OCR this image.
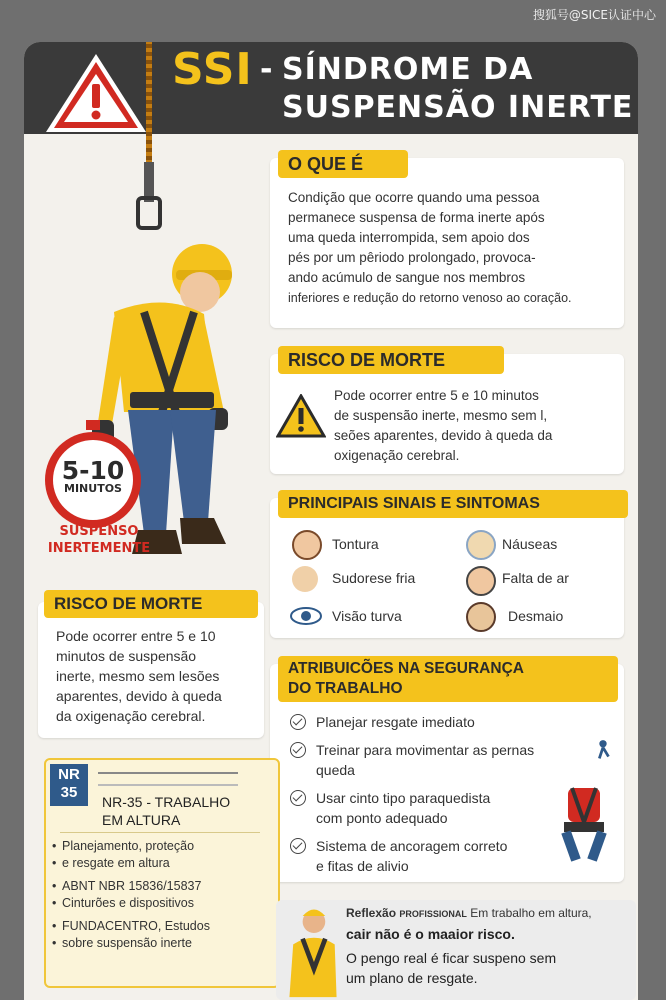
搜狐号@SICE认证中心
SSI - SÍNDROME DA
SUSPENSÃO INERTE
5-10
MINUTOS
SUSPENSO
INERTEMENTE
O QUE É
Condição que ocorre quando uma pessoa
permanece suspensa de forma inerte após
uma queda interrompida, sem apoio dos
pés por um pêriodo prolongado, provoca-
ando acúmulo de sangue nos membros
inferiores e redução do retorno venoso ao coração.
RISCO DE MORTE
Pode ocorrer entre 5 e 10 minutos
de suspensão inerte, mesmo sem l,
seões aparentes, devido à queda da
oxigenação cerebral.
PRINCIPAIS SINAIS E SINTOMAS
Tontura	Náuseas
Sudorese fria	Falta de ar
Visão turva	Desmaio
RISCO DE MORTE
Pode ocorrer entre 5 e 10
minutos de suspensão
inerte, mesmo sem lesões
aparentes, devido à queda
da oxigenação cerebral.
ATRIBUICÕES NA SEGURANÇA
DO TRABALHO
Planejar resgate imediato
Treinar para movimentar as pernas
queda
Usar cinto tipo paraquedista
com ponto adequado
Sistema de ancoragem correto
e fitas de alivio
NR
35
NR-35 - TRABALHO
EM ALTURA
• Planejamento, proteção
• e resgate em altura
• ABNT NBR 15836/15837
• Cinturões e dispositivos
• FUNDACENTRO, Estudos
• sobre suspensão inerte
Reflexão PROFISSIONAL Em trabalho em altura,
cair não é o maaior risco.
O pengo real é ficar suspeno sem
um plano de resgate.
